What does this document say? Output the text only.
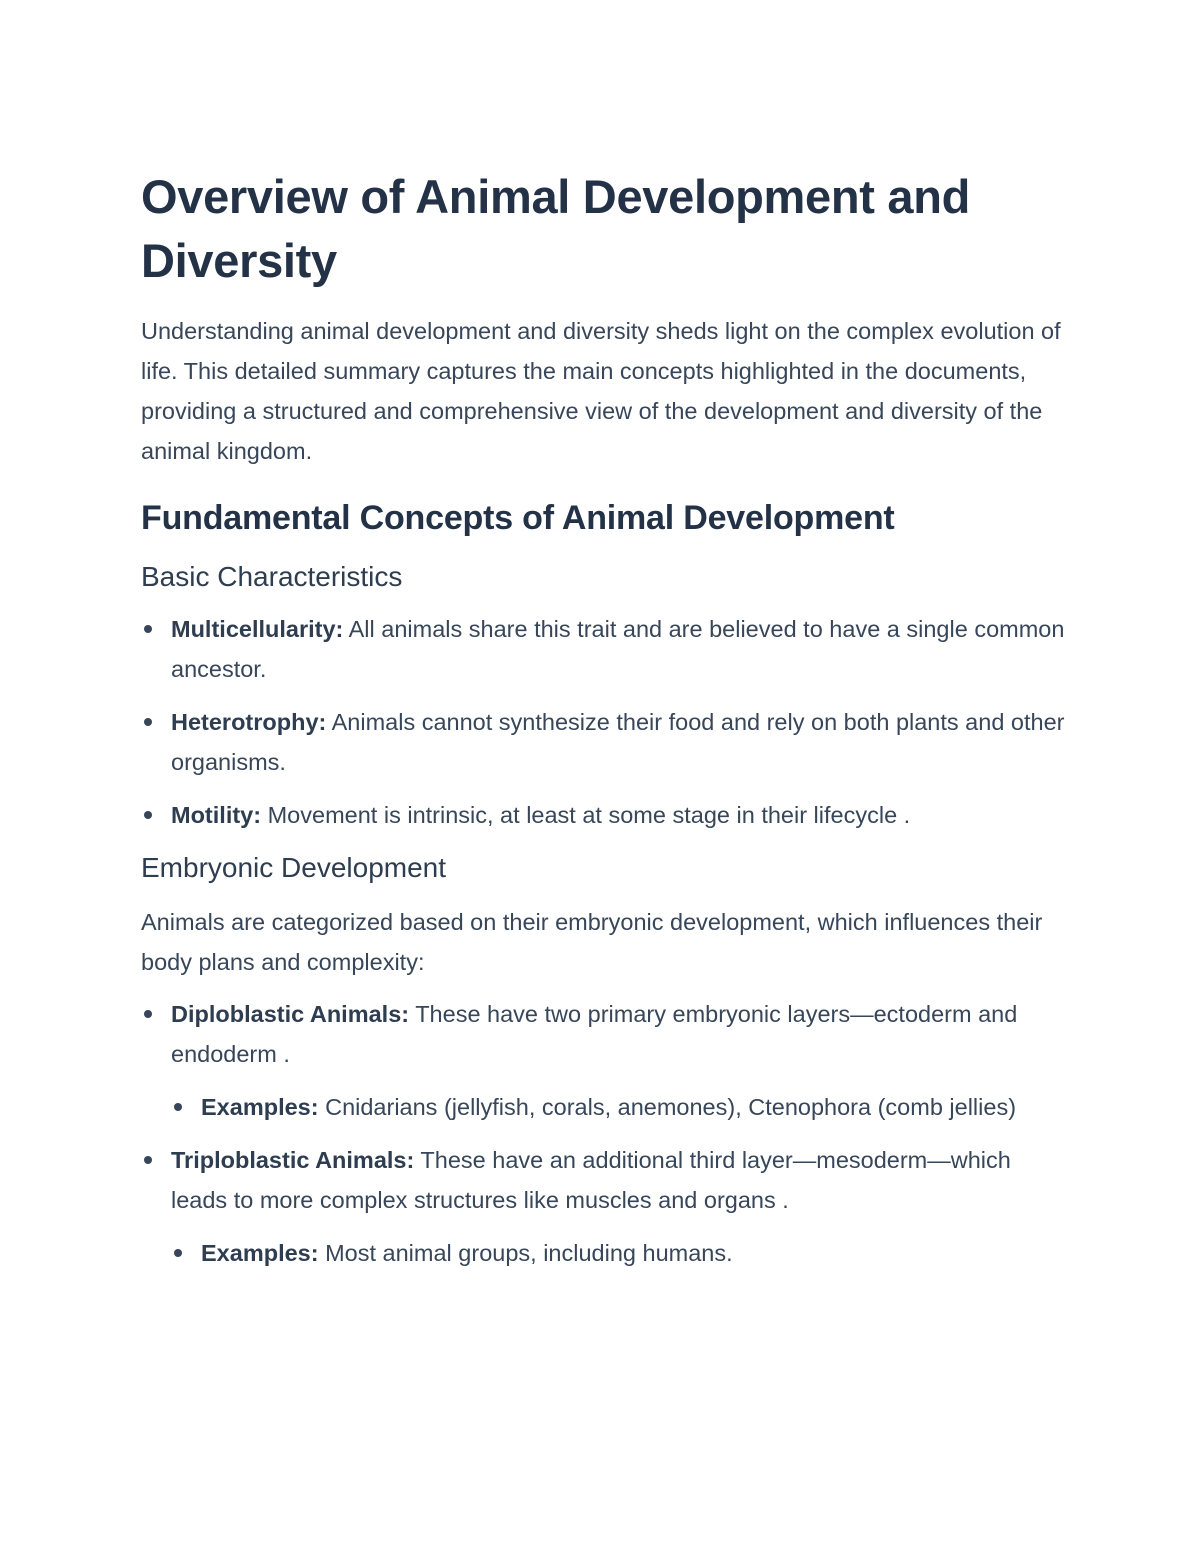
Overview of Animal Development and Diversity

Understanding animal development and diversity sheds light on the complex evolution of life. This detailed summary captures the main concepts highlighted in the documents, providing a structured and comprehensive view of the development and diversity of the animal kingdom.

Fundamental Concepts of Animal Development
Basic Characteristics
Multicellularity: All animals share this trait and are believed to have a single common ancestor.
Heterotrophy: Animals cannot synthesize their food and rely on both plants and other organisms.
Motility: Movement is intrinsic, at least at some stage in their lifecycle .
Embryonic Development

Animals are categorized based on their embryonic development, which influences their body plans and complexity:

Diploblastic Animals: These have two primary embryonic layers—ectoderm and endoderm .
Examples: Cnidarians (jellyfish, corals, anemones), Ctenophora (comb jellies)
Triploblastic Animals: These have an additional third layer—mesoderm—which leads to more complex structures like muscles and organs .
Examples: Most animal groups, including humans.
